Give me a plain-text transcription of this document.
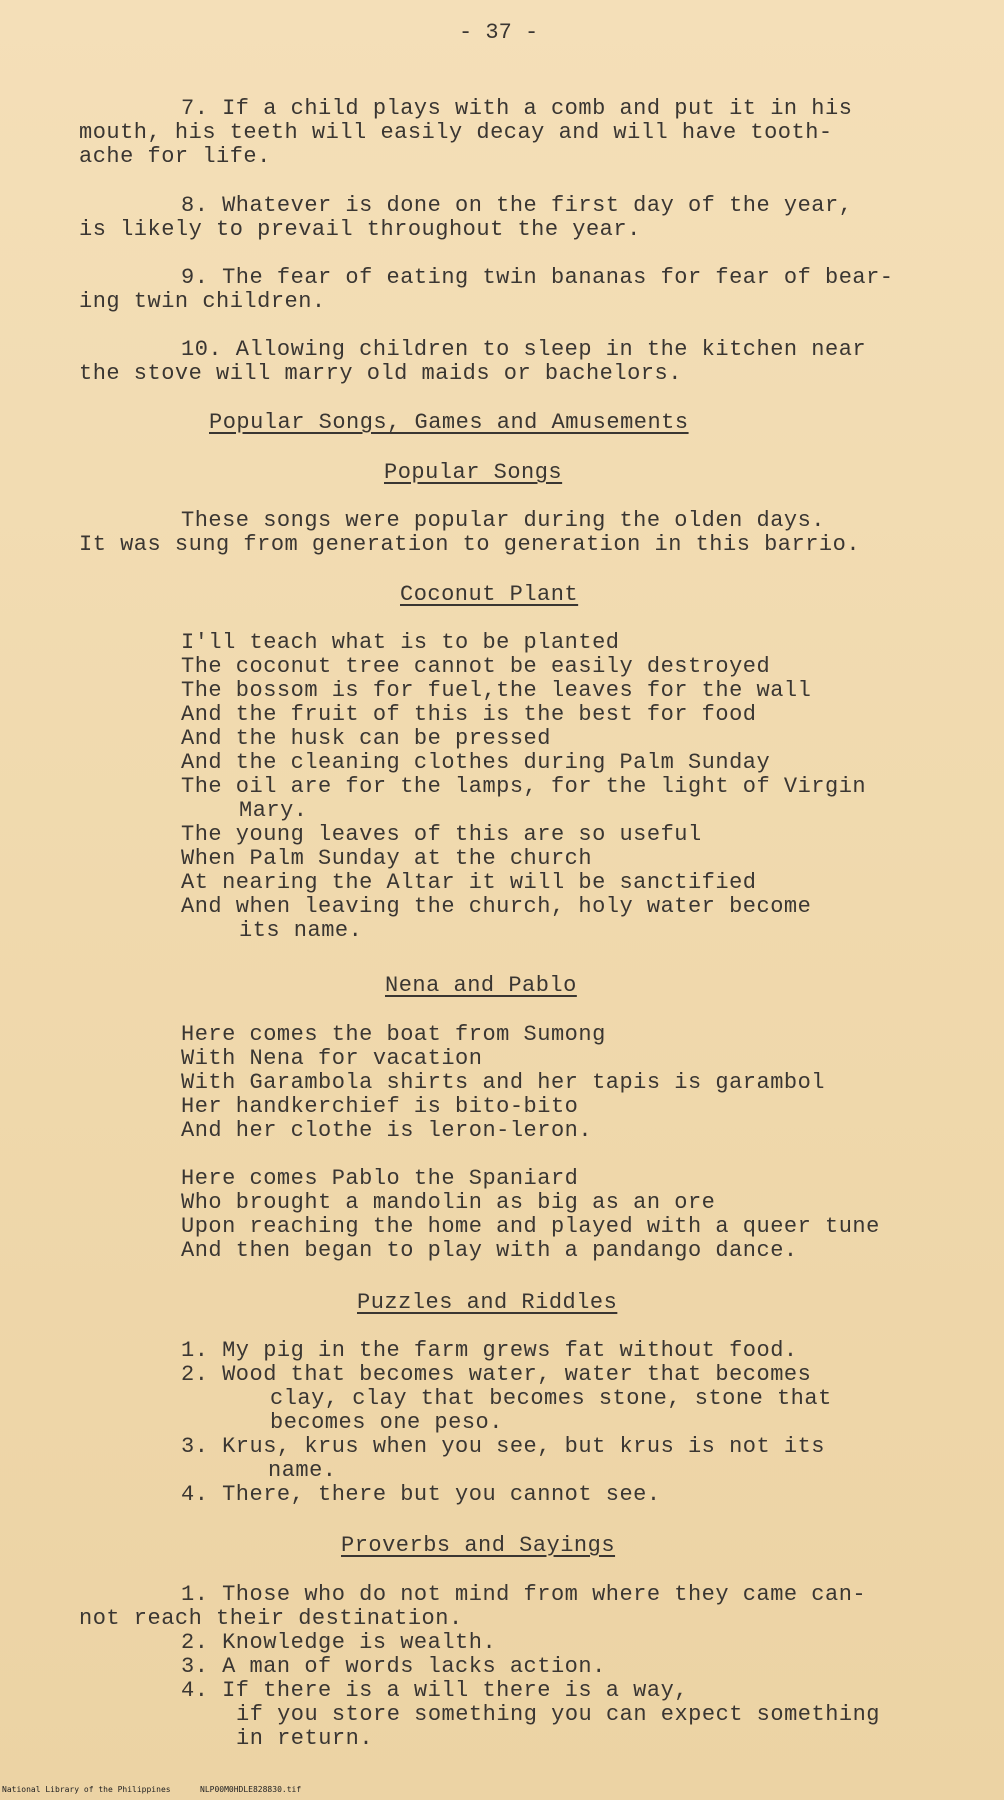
- 37 -
7. If a child plays with a comb and put it in his
mouth, his teeth will easily decay and will have tooth-
ache for life.
8. Whatever is done on the first day of the year,
is likely to prevail throughout the year.
9. The fear of eating twin bananas for fear of bear-
ing twin children.
10. Allowing children to sleep in the kitchen near
the stove will marry old maids or bachelors.
Popular Songs, Games and Amusements
Popular Songs
These songs were popular during the olden days.
It was sung from generation to generation in this barrio.
Coconut Plant
I'll teach what is to be planted
The coconut tree cannot be easily destroyed
The bossom is for fuel,the leaves for the wall
And the fruit of this is the best for food
And the husk can be pressed
And the cleaning clothes during Palm Sunday
The oil are for the lamps, for the light of Virgin
Mary.
The young leaves of this are so useful
When Palm Sunday at the church
At nearing the Altar it will be sanctified
And when leaving the church, holy water become
its name.
Nena and Pablo
Here comes the boat from Sumong
With Nena for vacation
With Garambola shirts and her tapis is garambol
Her handkerchief is bito-bito
And her clothe is leron-leron.
Here comes Pablo the Spaniard
Who brought a mandolin as big as an ore
Upon reaching the home and played with a queer tune
And then began to play with a pandango dance.
Puzzles and Riddles
1. My pig in the farm grews fat without food.
2. Wood that becomes water, water that becomes
clay, clay that becomes stone, stone that
becomes one peso.
3. Krus, krus when you see, but krus is not its
name.
4. There, there but you cannot see.
Proverbs and Sayings
1. Those who do not mind from where they came can-
not reach their destination.
2. Knowledge is wealth.
3. A man of words lacks action.
4. If there is a will there is a way,
if you store something you can expect something
in return.
National Library of the Philippines	NLP00M0HDLE828830.tif
